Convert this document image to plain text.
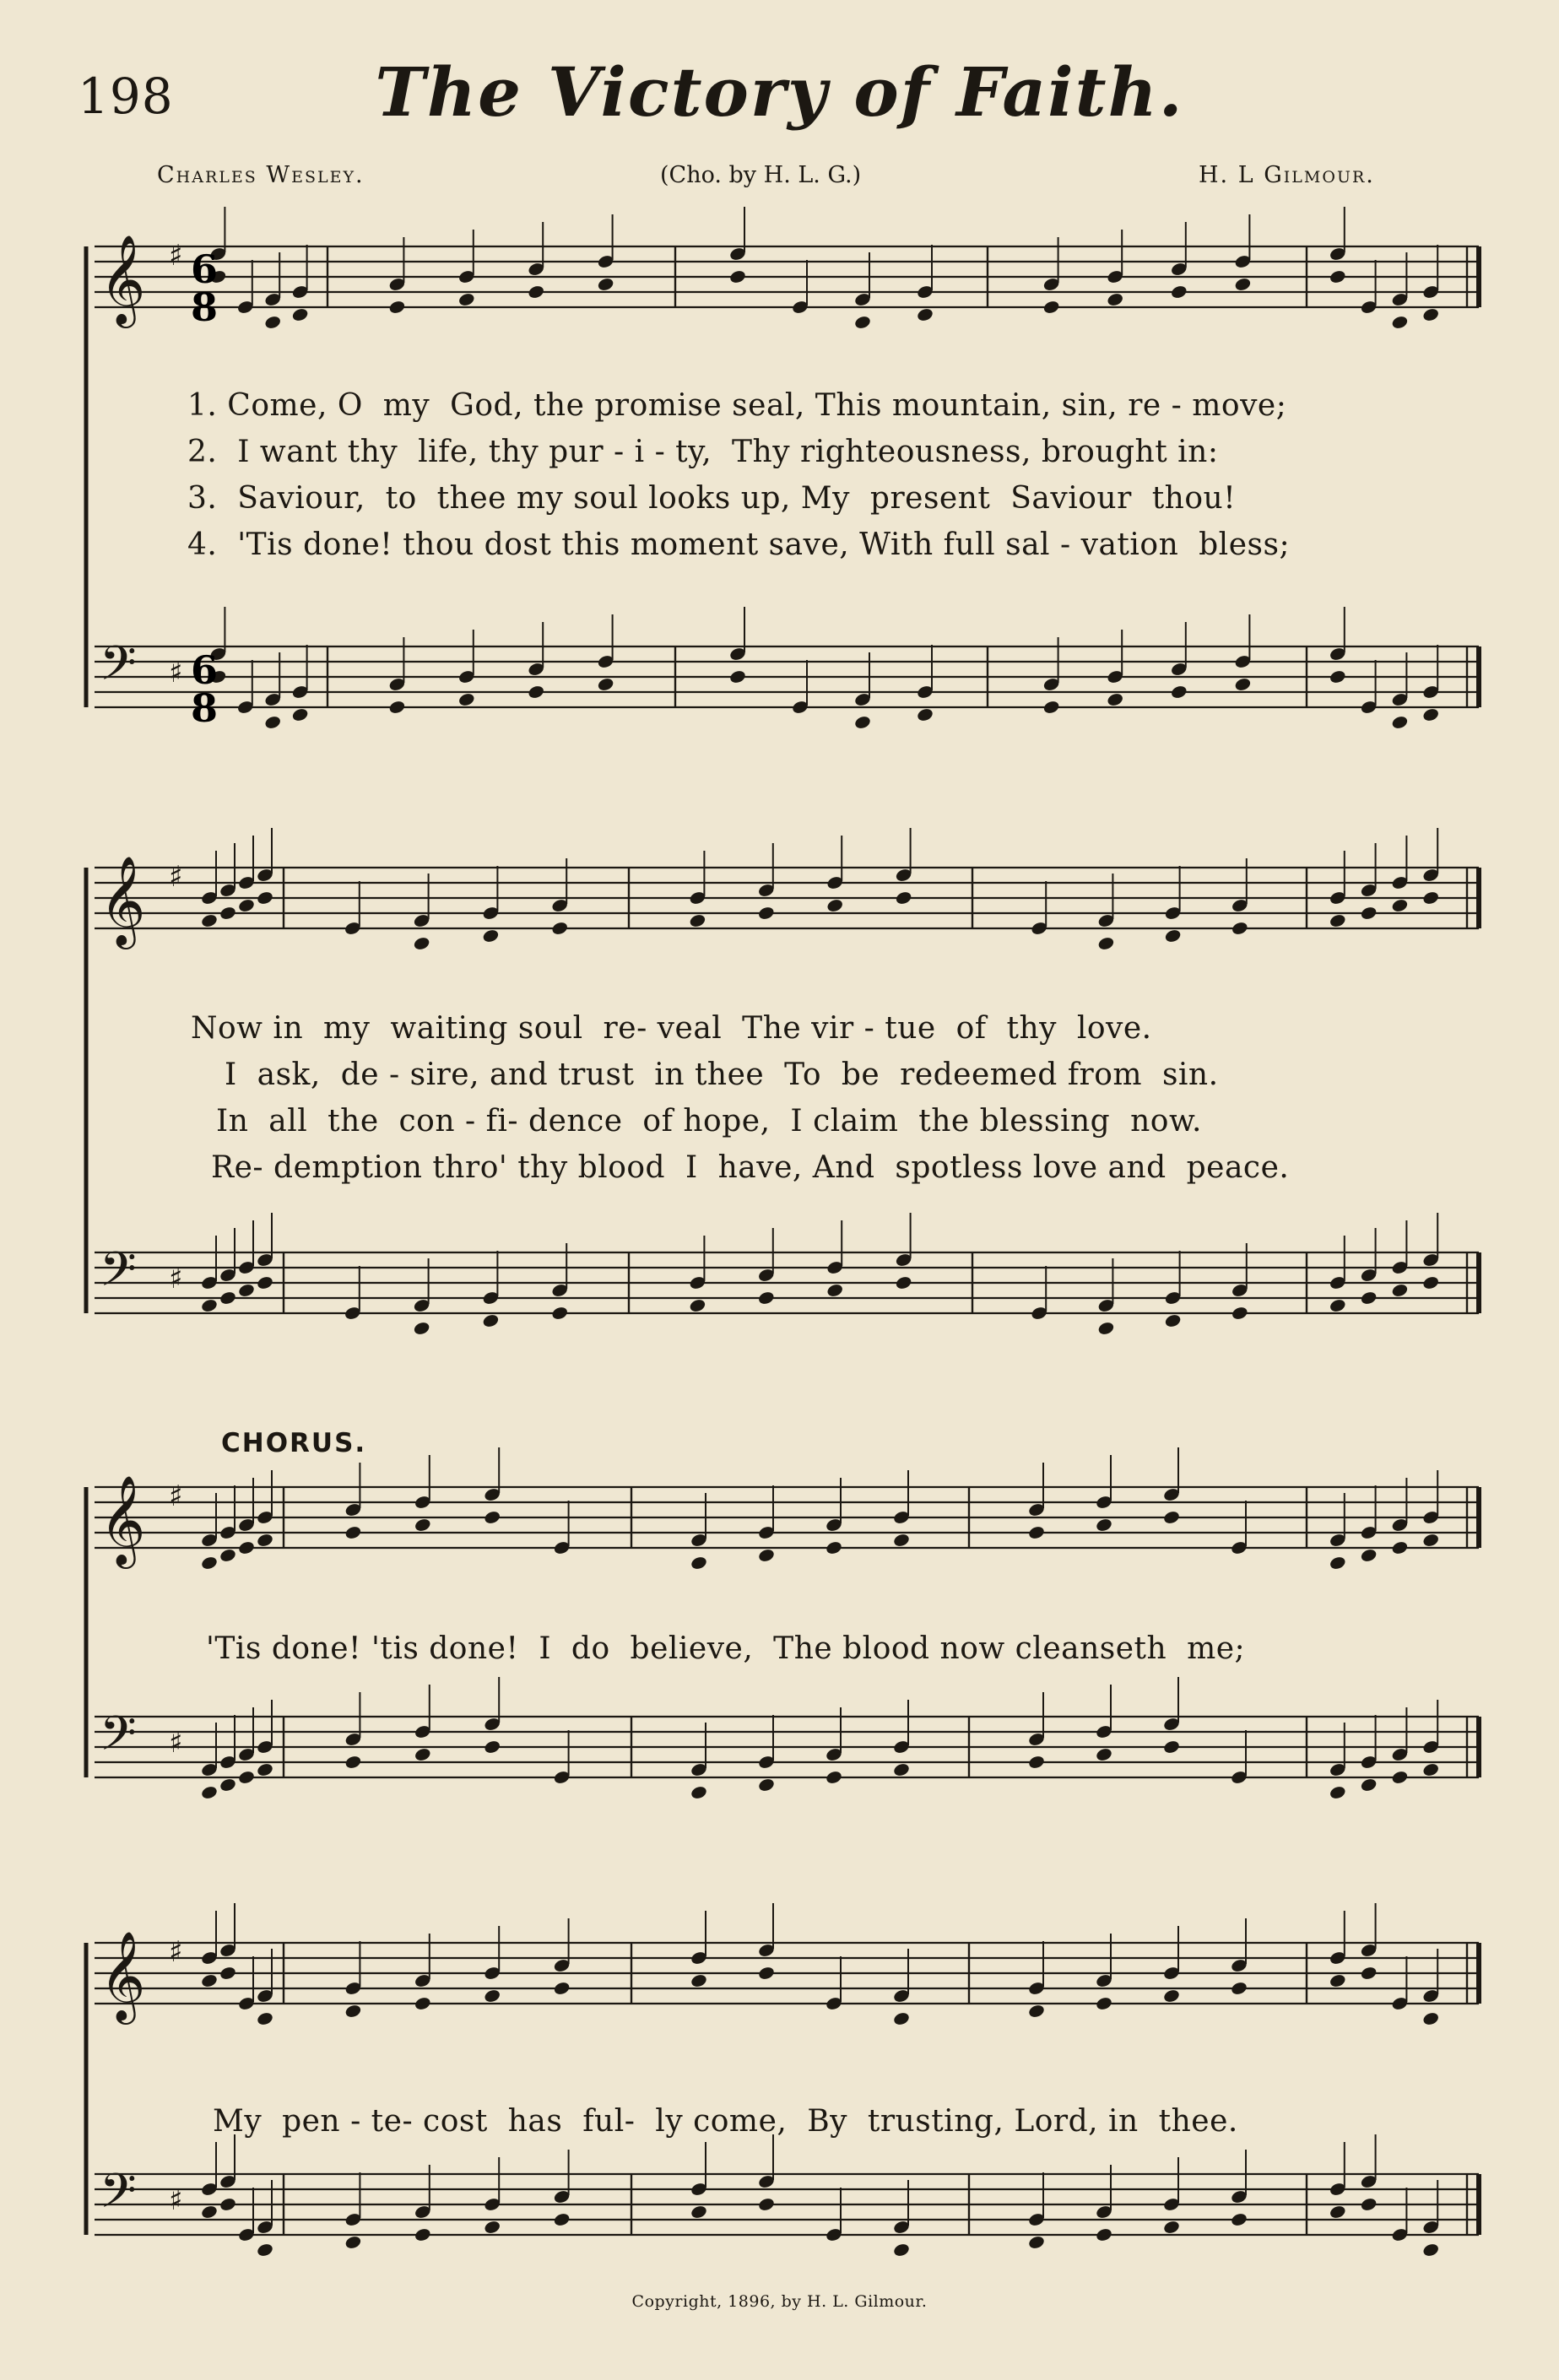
198	The Victory of Faith.
Charles Wesley.	(Cho. by H. L. G.)	H. L Gilmour.
𝄞 ♯
𝄢 ♯
𝄞 ♯
𝄢 ♯
𝄞 ♯
𝄢 ♯
𝄞 ♯
𝄢 ♯
6
8
6
8
1. Come, O  my  God, the promise seal, This mountain, sin, re - move;
2.  I want thy  life, thy pur - i - ty,  Thy righteousness, brought in:
3.  Saviour,  to  thee my soul looks up, My  present  Saviour  thou!
4.  'Tis done! thou dost this moment save, With full sal - vation  bless;
Now in  my  waiting soul  re- veal  The vir - tue  of  thy  love.
I  ask,  de - sire, and trust  in thee  To  be  redeemed from  sin.
In  all  the  con - fi- dence  of hope,  I claim  the blessing  now.
Re- demption thro' thy blood  I  have, And  spotless love and  peace.
CHORUS.
'Tis done! 'tis done!  I  do  believe,  The blood now cleanseth  me;
My  pen - te- cost  has  ful-  ly come,  By  trusting, Lord, in  thee.
Copyright, 1896, by H. L. Gilmour.
